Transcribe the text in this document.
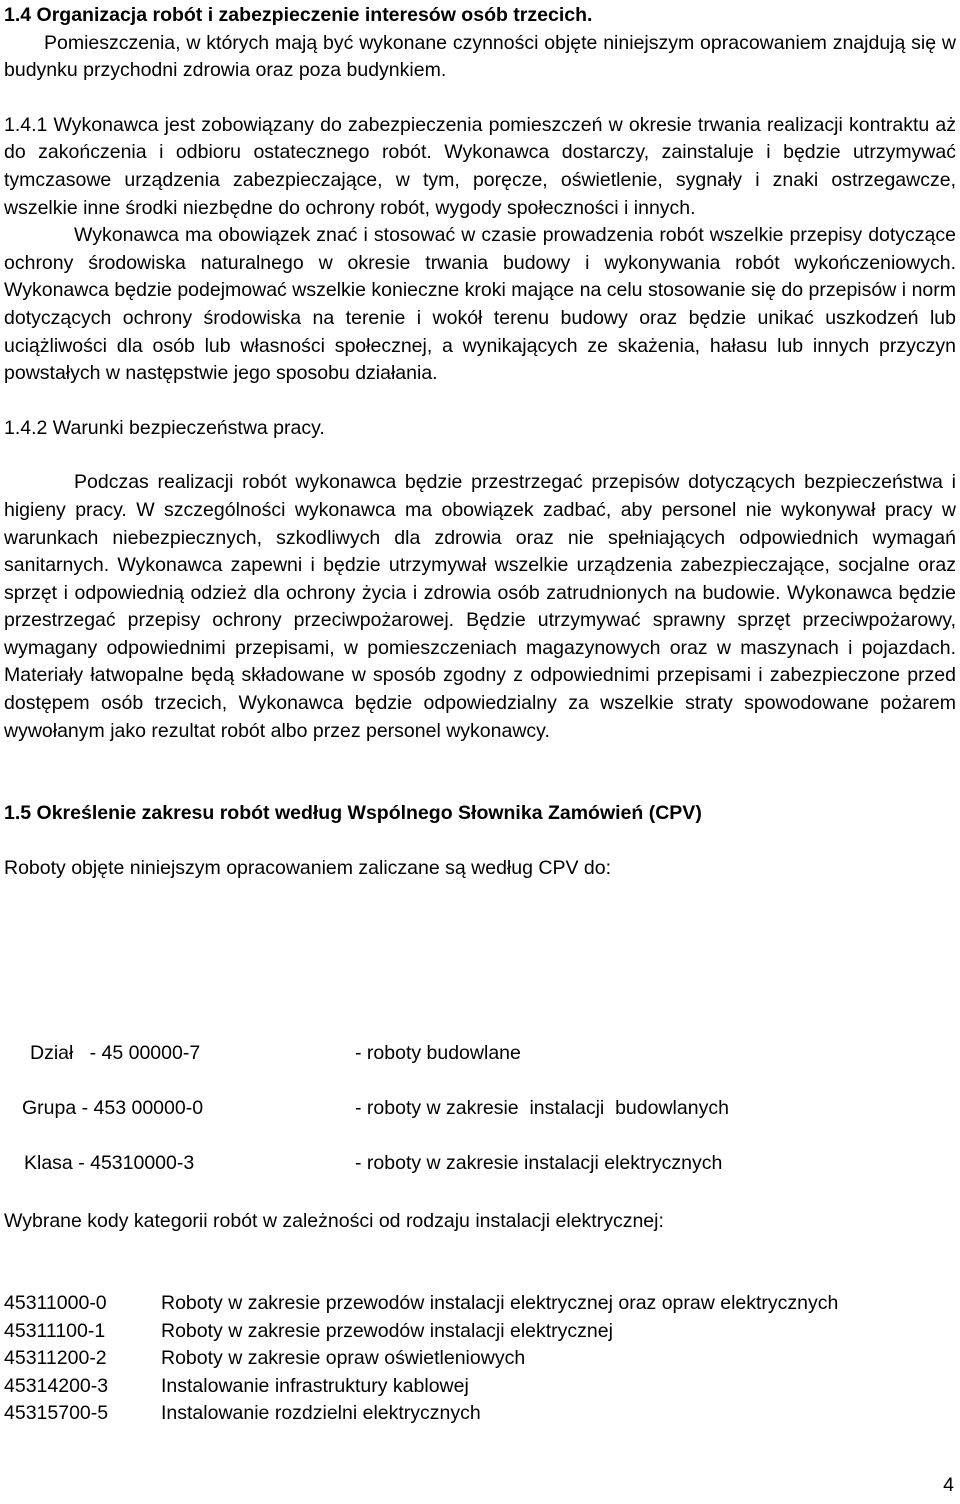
1.4 Organizacja robót i zabezpieczenie interesów osób trzecich.

Pomieszczenia, w których mają być wykonane czynności objęte niniejszym opracowaniem znajdują się w budynku przychodni zdrowia oraz poza budynkiem.

1.4.1 Wykonawca jest zobowiązany do zabezpieczenia pomieszczeń w okresie trwania realizacji kontraktu aż do zakończenia i odbioru ostatecznego robót. Wykonawca dostarczy, zainstaluje i będzie utrzymywać tymczasowe urządzenia zabezpieczające, w tym, poręcze, oświetlenie, sygnały i znaki ostrzegawcze, wszelkie inne środki niezbędne do ochrony robót, wygody społeczności i innych.

Wykonawca ma obowiązek znać i stosować w czasie prowadzenia robót wszelkie przepisy dotyczące ochrony środowiska naturalnego w okresie trwania budowy i wykonywania robót wykończeniowych. Wykonawca będzie podejmować wszelkie konieczne kroki mające na celu stosowanie się do przepisów i norm dotyczących ochrony środowiska na terenie i wokół terenu budowy oraz będzie unikać uszkodzeń lub uciążliwości dla osób lub własności społecznej, a wynikających ze skażenia, hałasu lub innych przyczyn powstałych w następstwie jego sposobu działania.

1.4.2 Warunki bezpieczeństwa pracy.

Podczas realizacji robót wykonawca będzie przestrzegać przepisów dotyczących bezpieczeństwa i higieny pracy. W szczególności wykonawca ma obowiązek zadbać, aby personel nie wykonywał pracy w warunkach niebezpiecznych, szkodliwych dla zdrowia oraz nie spełniających odpowiednich wymagań sanitarnych. Wykonawca zapewni i będzie utrzymywał wszelkie urządzenia zabezpieczające, socjalne oraz sprzęt i odpowiednią odzież dla ochrony życia i zdrowia osób zatrudnionych na budowie. Wykonawca będzie przestrzegać przepisy ochrony przeciwpożarowej. Będzie utrzymywać sprawny sprzęt przeciwpożarowy, wymagany odpowiednimi przepisami, w pomieszczeniach magazynowych oraz w maszynach i pojazdach. Materiały łatwopalne będą składowane w sposób zgodny z odpowiednimi przepisami i zabezpieczone przed dostępem osób trzecich, Wykonawca będzie odpowiedzialny za wszelkie straty spowodowane pożarem wywołanym jako rezultat robót albo przez personel wykonawcy.

1.5 Określenie zakresu robót według Wspólnego Słownika Zamówień (CPV)

Roboty objęte niniejszym opracowaniem zaliczane są według CPV do:

Dział   - 45 00000-7	- roboty budowlane
Grupa - 453 00000-0	- roboty w zakresie  instalacji  budowlanych
Klasa - 45310000-3	- roboty w zakresie instalacji elektrycznych

Wybrane kody kategorii robót w zależności od rodzaju instalacji elektrycznej:

45311000-0	Roboty w zakresie przewodów instalacji elektrycznej oraz opraw elektrycznych
45311100-1	Roboty w zakresie przewodów instalacji elektrycznej
45311200-2	Roboty w zakresie opraw oświetleniowych
45314200-3	Instalowanie infrastruktury kablowej
45315700-5	Instalowanie rozdzielni elektrycznych
4
